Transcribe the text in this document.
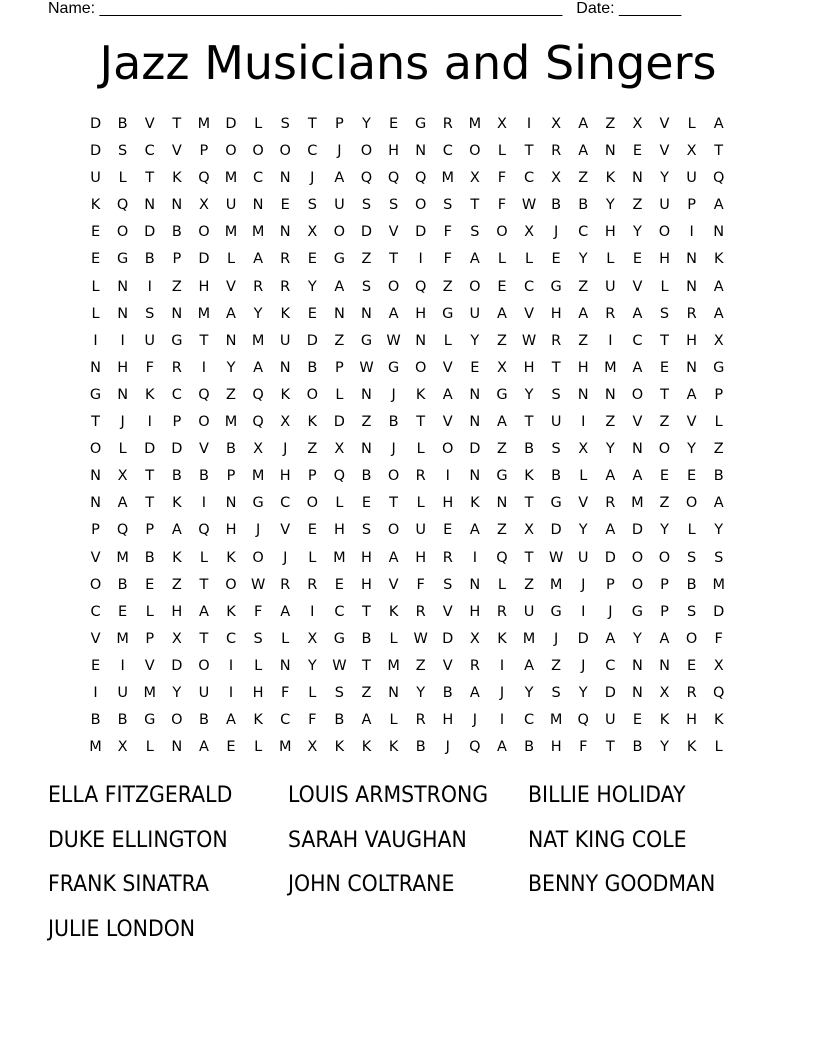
Name: ____________________________________________________ Date: _______
Jazz Musicians and Singers
D	B	V	T	M	D	L	S	T	P	Y	E	G	R	M	X	I	X	A	Z	X	V	L	A
D	S	C	V	P	O	O	O	C	J	O	H	N	C	O	L	T	R	A	N	E	V	X	T
U	L	T	K	Q	M	C	N	J	A	Q	Q	Q	M	X	F	C	X	Z	K	N	Y	U	Q
K	Q	N	N	X	U	N	E	S	U	S	S	O	S	T	F	W	B	B	Y	Z	U	P	A
E	O	D	B	O	M	M	N	X	O	D	V	D	F	S	O	X	J	C	H	Y	O	I	N
E	G	B	P	D	L	A	R	E	G	Z	T	I	F	A	L	L	E	Y	L	E	H	N	K
L	N	I	Z	H	V	R	R	Y	A	S	O	Q	Z	O	E	C	G	Z	U	V	L	N	A
L	N	S	N	M	A	Y	K	E	N	N	A	H	G	U	A	V	H	A	R	A	S	R	A
I	I	U	G	T	N	M	U	D	Z	G W N	L	Y	Z	W	R	Z	I	C	T	H	X
N	H	F	R	I	Y	A	N	B	P	W G	O	V	E	X	H	T	H	M	A	E	N	G
G	N	K	C	Q	Z	Q	K	O	L	N	J	K	A	N	G	Y	S	N	N	O	T	A	P
T	J	I	P	O	M	Q	X	K	D	Z	B	T	V	N	A	T	U	I	Z	V	Z	V	L
O	L	D	D	V	B	X	J	Z	X	N	J	L	O	D	Z	B	S	X	Y	N	O	Y	Z
N	X	T	B	B	P	M	H	P	Q	B	O	R	I	N	G	K	B	L	A	A	E	E	B
N	A	T	K	I	N	G	C	O	L	E	T	L	H	K	N	T	G	V	R	M	Z	O	A
P	Q	P	A	Q	H	J	V	E	H	S	O	U	E	A	Z	X	D	Y	A	D	Y	L	Y
V	M	B	K	L	K	O	J	L	M	H	A	H	R	I	Q	T	W	U	D	O	O	S	S
O	B	E	Z	T	O W	R	R	E	H	V	F	S	N	L	Z	M	J	P	O	P	B	M
C	E	L	H	A	K	F	A	I	C	T	K	R	V	H	R	U	G	I	J	G	P	S	D
V	M	P	X	T	C	S	L	X	G	B	L	W D	X	K	M	J	D	A	Y	A	O	F
E	I	V	D	O	I	L	N	Y	W	T	M	Z	V	R	I	A	Z	J	C	N	N	E	X
I	U	M	Y	U	I	H	F	L	S	Z	N	Y	B	A	J	Y	S	Y	D	N	X	R	Q
B	B	G	O	B	A	K	C	F	B	A	L	R	H	J	I	C	M	Q	U	E	K	H	K
M	X	L	N	A	E	L	M	X	K	K	K	B	J	Q	A	B	H	F	T	B	Y	K	L
ELLA FITZGERALD	LOUIS ARMSTRONG	BILLIE HOLIDAY
DUKE ELLINGTON	SARAH VAUGHAN	NAT KING COLE
FRANK SINATRA	JOHN COLTRANE	BENNY GOODMAN
JULIE LONDON
